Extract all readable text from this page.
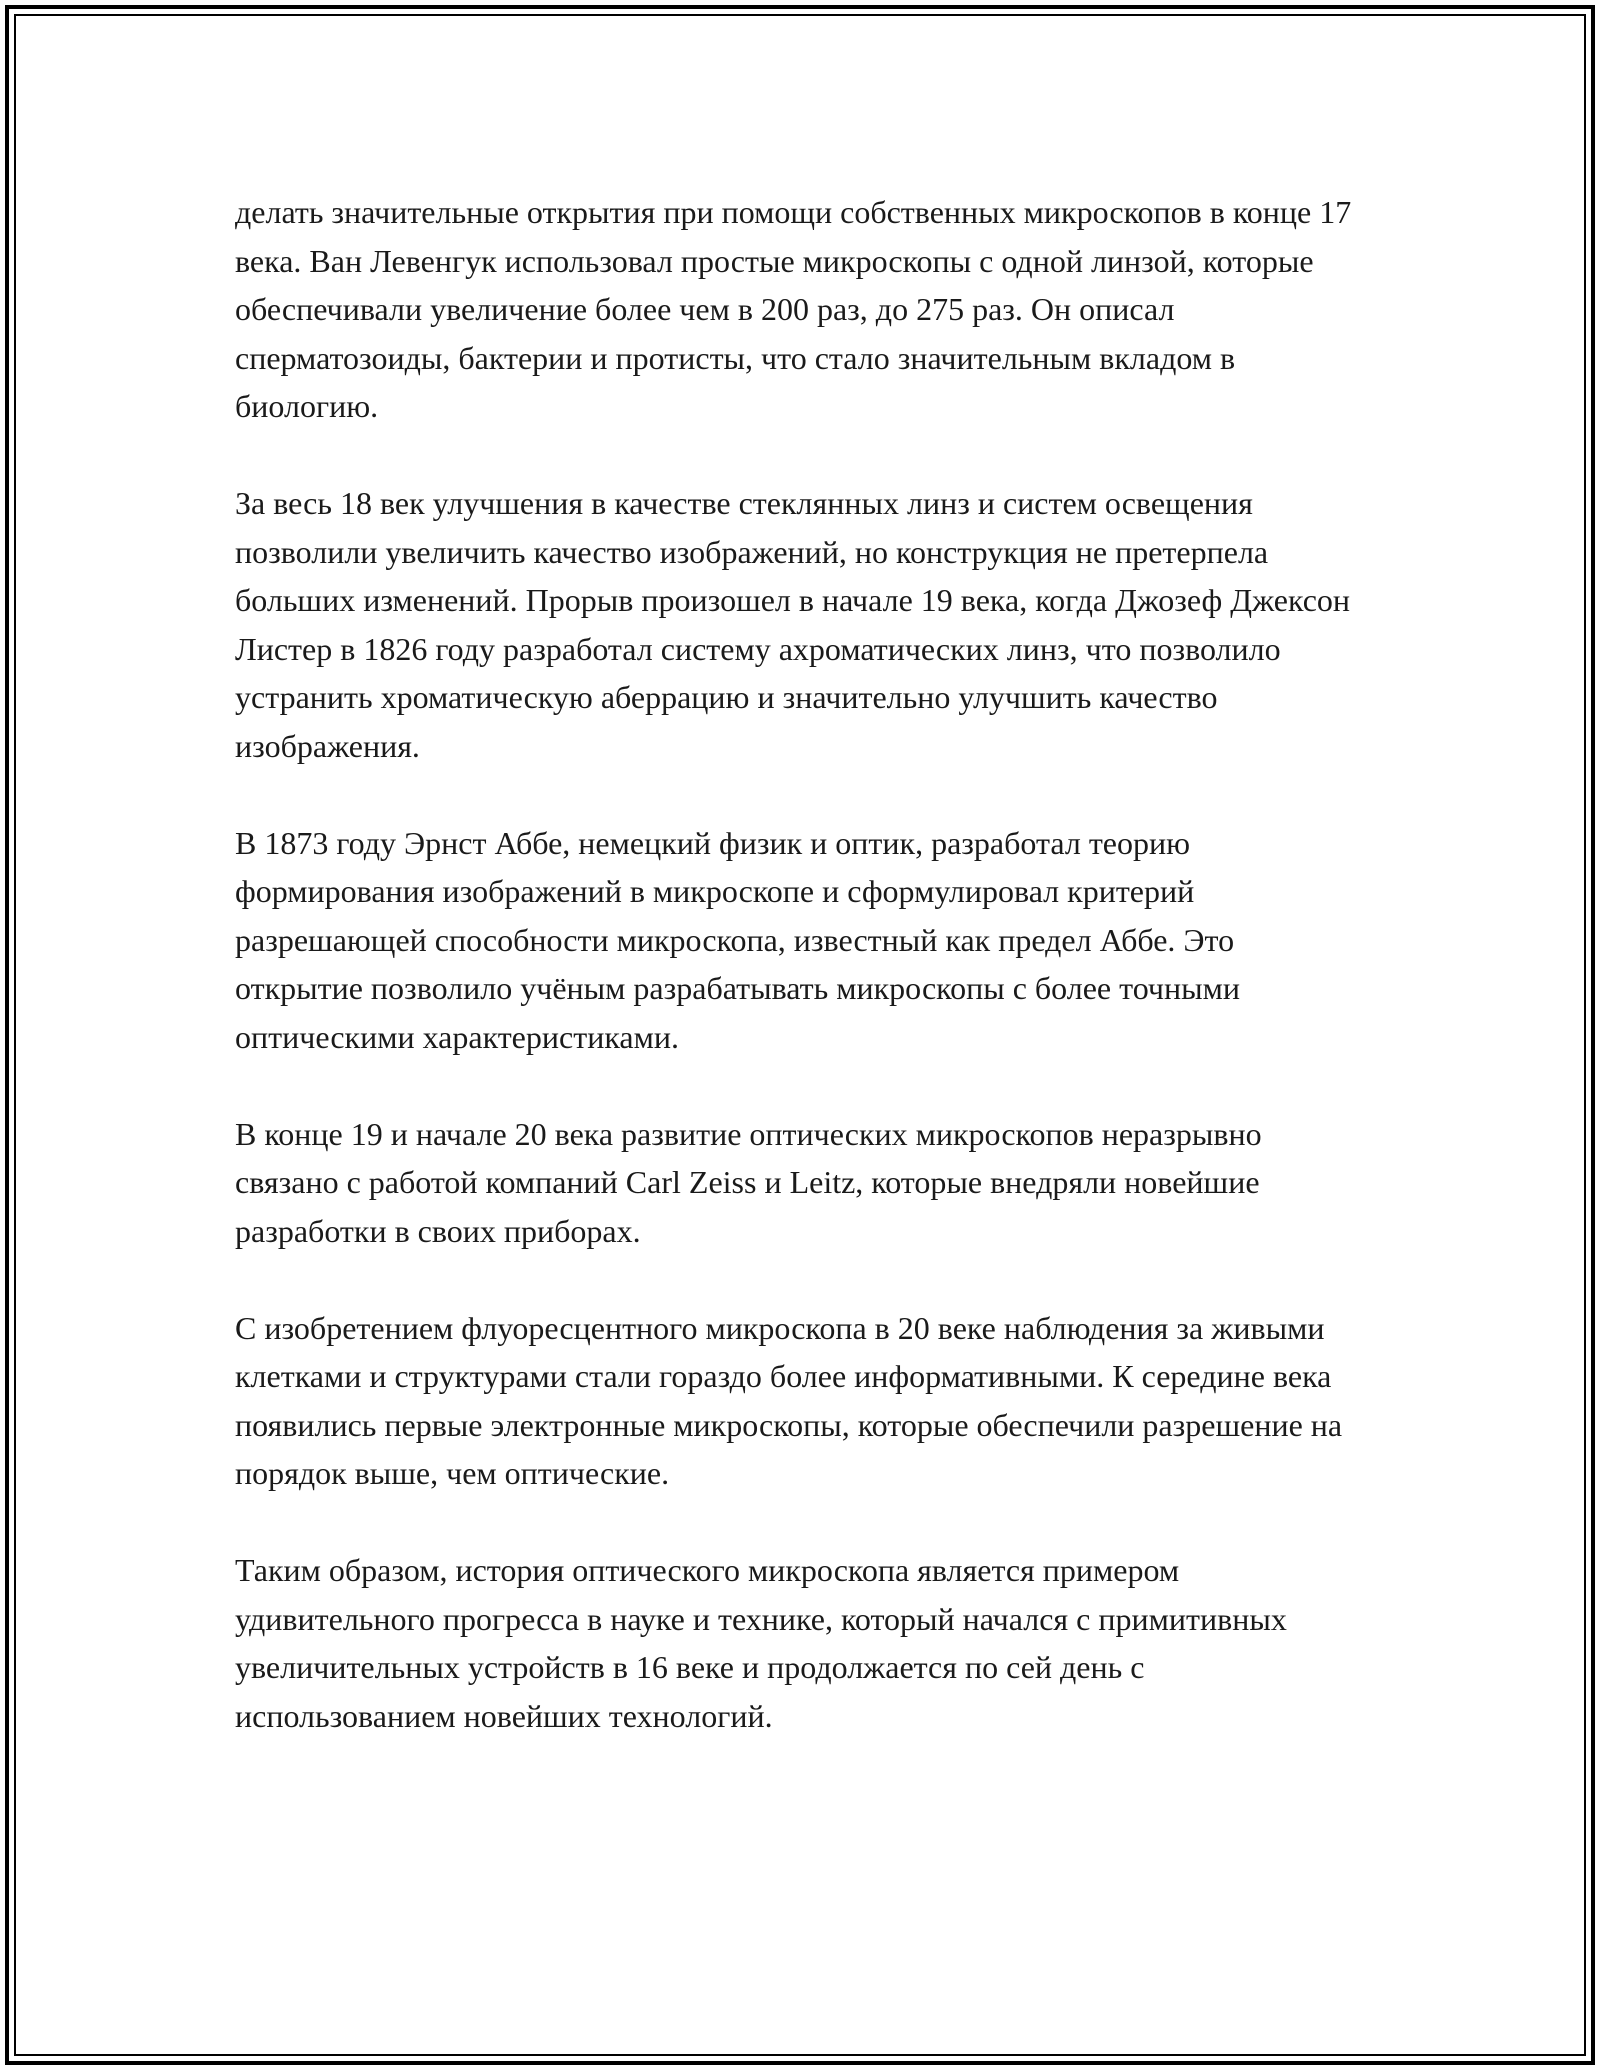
делать значительные открытия при помощи собственных микроскопов в конце 17 века. Ван Левенгук использовал простые микроскопы с одной линзой, которые обеспечивали увеличение более чем в 200 раз, до 275 раз. Он описал сперматозоиды, бактерии и протисты, что стало значительным вкладом в биологию.

За весь 18 век улучшения в качестве стеклянных линз и систем освещения позволили увеличить качество изображений, но конструкция не претерпела больших изменений. Прорыв произошел в начале 19 века, когда Джозеф Джексон Листер в 1826 году разработал систему ахроматических линз, что позволило устранить хроматическую аберрацию и значительно улучшить качество изображения.

В 1873 году Эрнст Аббе, немецкий физик и оптик, разработал теорию формирования изображений в микроскопе и сформулировал критерий разрешающей способности микроскопа, известный как предел Аббе. Это открытие позволило учёным разрабатывать микроскопы с более точными оптическими характеристиками.

В конце 19 и начале 20 века развитие оптических микроскопов неразрывно связано с работой компаний Carl Zeiss и Leitz, которые внедряли новейшие разработки в своих приборах.

С изобретением флуоресцентного микроскопа в 20 веке наблюдения за живыми клетками и структурами стали гораздо более информативными. К середине века появились первые электронные микроскопы, которые обеспечили разрешение на порядок выше, чем оптические.

Таким образом, история оптического микроскопа является примером удивительного прогресса в науке и технике, который начался с примитивных увеличительных устройств в 16 веке и продолжается по сей день с использованием новейших технологий.
